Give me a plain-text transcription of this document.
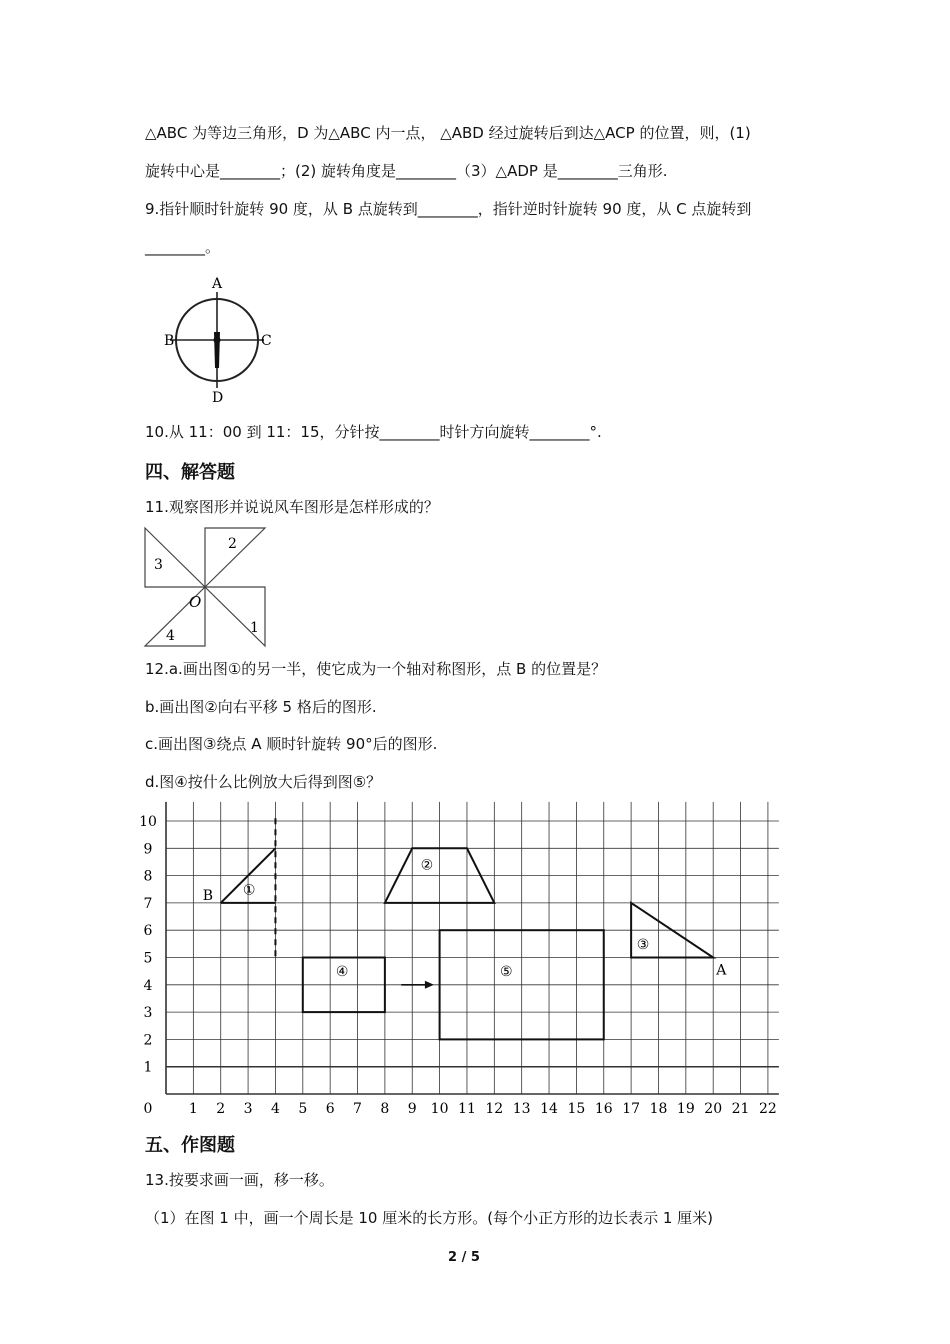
△ABC 为等边三角形，D 为△ABC 内一点， △ABD 经过旋转后到达△ACP 的位置，则，(1)
旋转中心是________；(2) 旋转角度是________（3）△ADP 是________三角形.
9.指针顺时针旋转 90 度，从 B 点旋转到________，指针逆时针旋转 90 度，从 C 点旋转到
________。
A
B	C
D
10.从 11：00 到 11：15，分针按________时针方向旋转________°.
四、解答题
11.观察图形并说说风车图形是怎样形成的？
3
2
1
4
O
12.a.画出图①的另一半，使它成为一个轴对称图形，点 B 的位置是？
b.画出图②向右平移 5 格后的图形.
c.画出图③绕点 A 顺时针旋转 90°后的图形.
d.图④按什么比例放大后得到图⑤？
0	1 2 3 4 5 6 7 8 9 10 11 12 13 14 15 16 17 18 19 20 21 22
1
2
3
4
5
6
7
8
9
10
B ①
②
③
A
④	⑤
五、作图题
13.按要求画一画，移一移。
（1）在图 1 中，画一个周长是 10 厘米的长方形。(每个小正方形的边长表示 1 厘米)
2 / 5
